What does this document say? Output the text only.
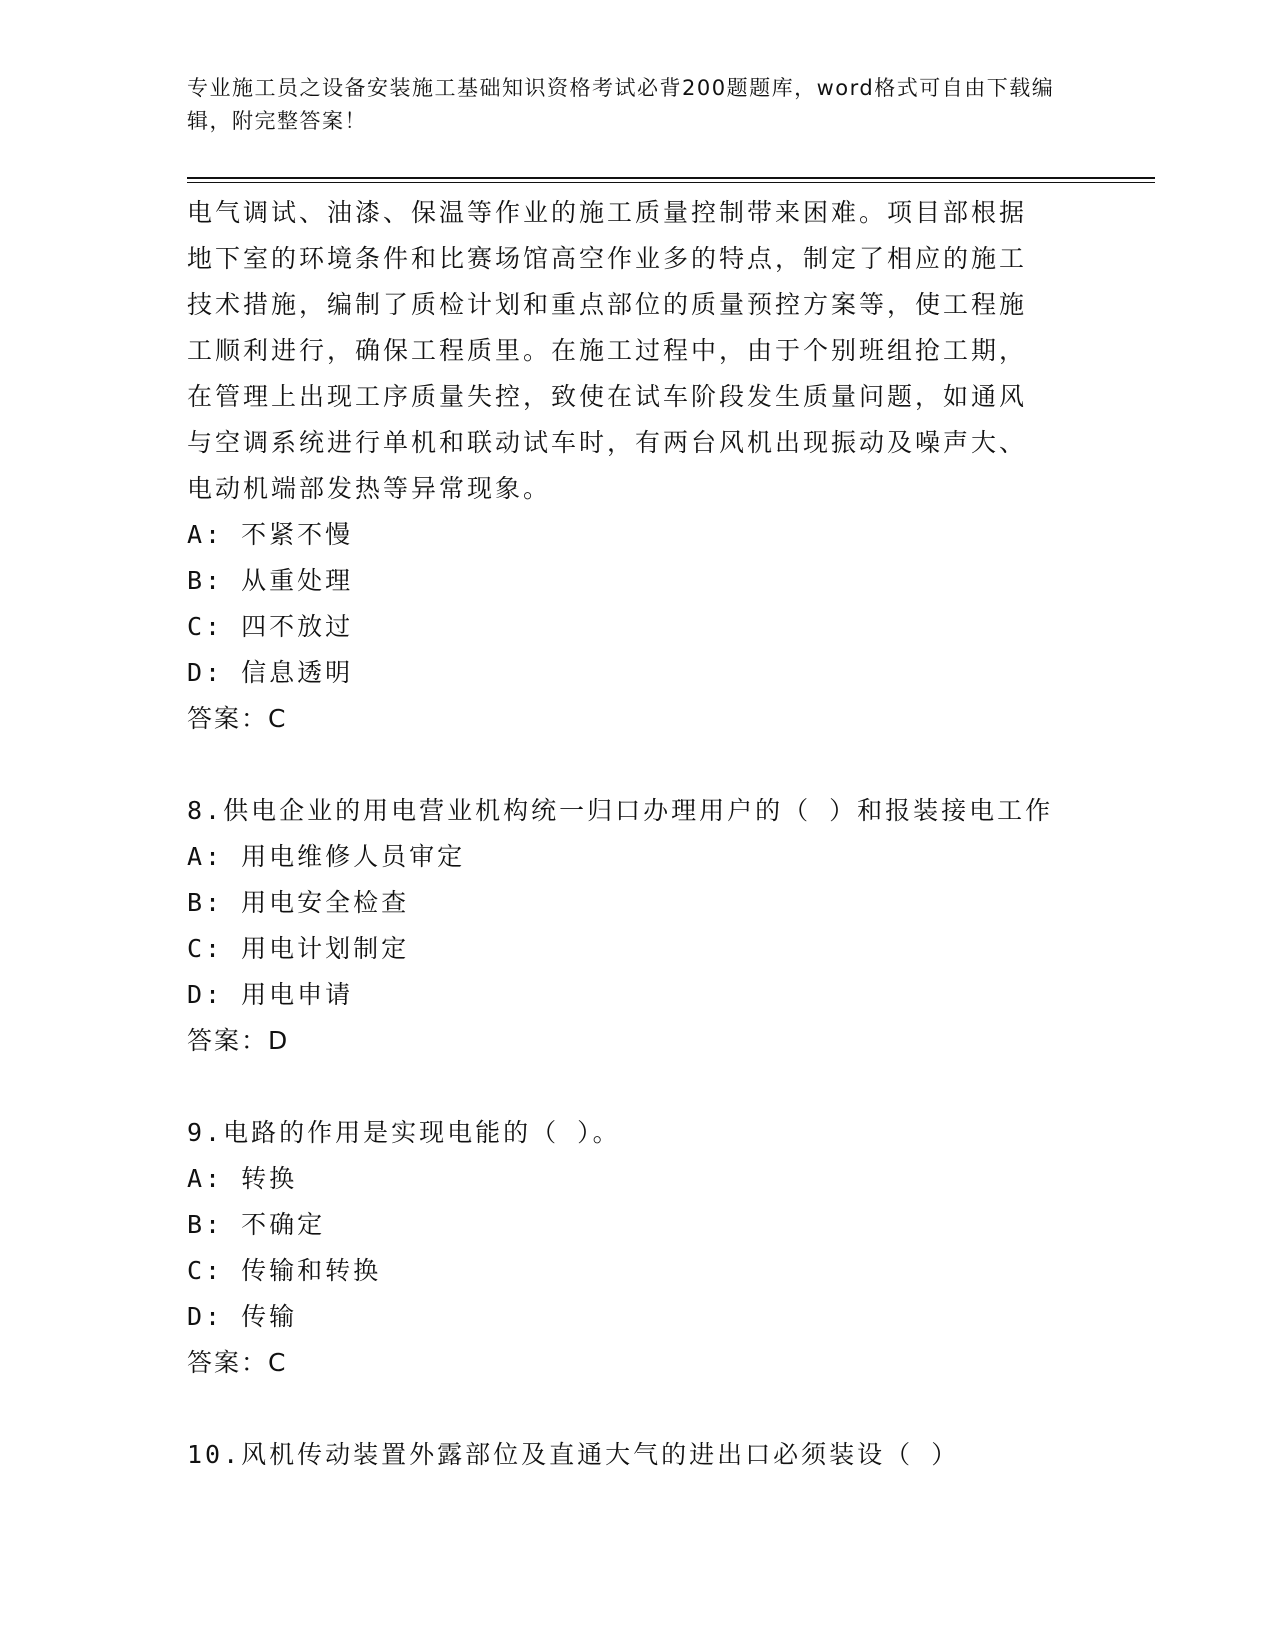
专业施工员之设备安装施工基础知识资格考试必背200题题库，word格式可自由下载编辑，附完整答案！
电气调试、油漆、保温等作业的施工质量控制带来困难。项目部根据
地下室的环境条件和比赛场馆高空作业多的特点，制定了相应的施工
技术措施，编制了质检计划和重点部位的质量预控方案等，使工程施
工顺利进行，确保工程质里。在施工过程中，由于个别班组抢工期，
在管理上出现工序质量失控，致使在试车阶段发生质量问题，如通风
与空调系统进行单机和联动试车时，有两台风机出现振动及噪声大、
电动机端部发热等异常现象。
A: 不紧不慢
B: 从重处理
C: 四不放过
D: 信息透明
答案：C
8.供电企业的用电营业机构统一归口办理用户的（ ）和报装接电工作
A: 用电维修人员审定
B: 用电安全检查
C: 用电计划制定
D: 用电申请
答案：D
9.电路的作用是实现电能的（ ）。
A: 转换
B: 不确定
C: 传输和转换
D: 传输
答案：C
10.风机传动装置外露部位及直通大气的进出口必须装设（ ）
